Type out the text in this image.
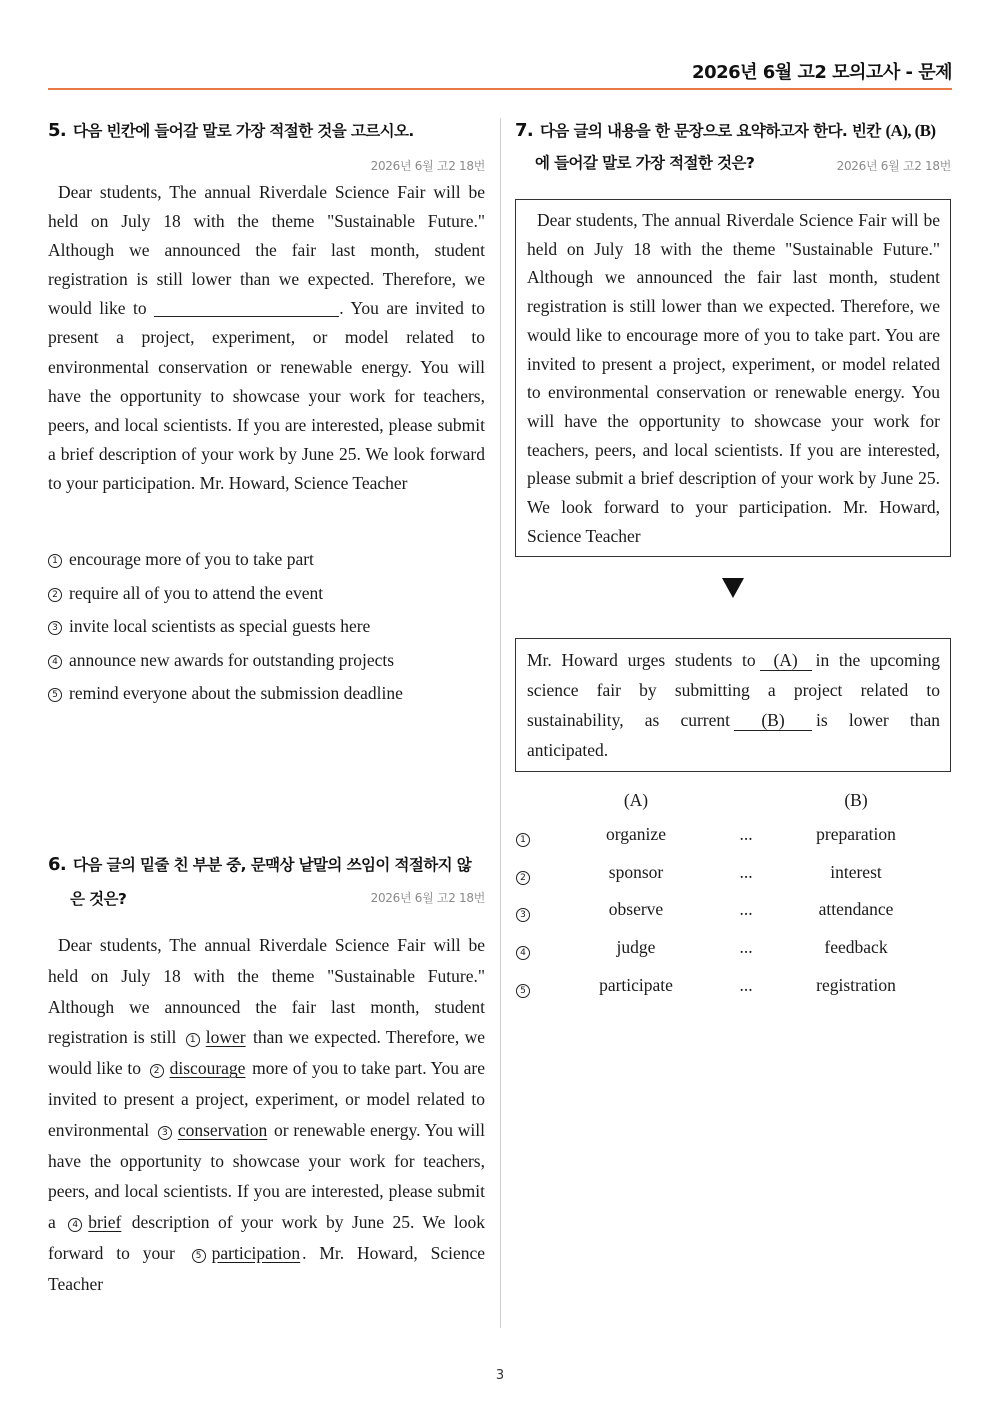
2026년 6월 고2 모의고사 - 문제
5. 다음 빈칸에 들어갈 말로 가장 적절한 것을 고르시오.
2026년 6월 고2 18번
Dear students, The annual Riverdale Science Fair will be held on July 18 with the theme "Sustainable Future." Although we announced the fair last month, student registration is still lower than we expected. Therefore, we would like to	. You are invited to present a project, experiment, or model related to environmental conservation or renewable energy. You will have the opportunity to showcase your work for teachers, peers, and local scientists. If you are interested, please submit a brief description of your work by June 25. We look forward to your participation. Mr. Howard, Science Teacher
1 encourage more of you to take part
2 require all of you to attend the event
3 invite local scientists as special guests here
4 announce new awards for outstanding projects
5 remind everyone about the submission deadline
6. 다음 글의 밑줄 친 부분 중, 문맥상 낱말의 쓰임이 적절하지 않
은 것은?	2026년 6월 고2 18번
Dear students, The annual Riverdale Science Fair will be held on July 18 with the theme "Sustainable Future." Although we announced the fair last month, student registration is still 1 lower than we expected. Therefore, we would like to 2 discourage more of you to take part. You are invited to present a project, experiment, or model related to environmental 3 conservation or renewable energy. You will have the opportunity to showcase your work for teachers, peers, and local scientists. If you are interested, please submit a 4 brief description of your work by June 25. We look forward to your 5 participation . Mr. Howard, Science Teacher
7. 다음 글의 내용을 한 문장으로 요약하고자 한다. 빈칸 (A), (B)
에 들어갈 말로 가장 적절한 것은?	2026년 6월 고2 18번
Dear students, The annual Riverdale Science Fair will be held on July 18 with the theme "Sustainable Future." Although we announced the fair last month, student registration is still lower than we expected. Therefore, we would like to encourage more of you to take part. You are invited to present a project, experiment, or model related to environmental conservation or renewable energy. You will have the opportunity to showcase your work for teachers, peers, and local scientists. If you are interested, please submit a brief description of your work by June 25. We look forward to your participation. Mr. Howard, Science Teacher
Mr. Howard urges students to (A) in the upcoming science fair by submitting a project related to sustainability, as current (B) is lower than anticipated.
(A)	(B)
1	organize	...	preparation
2	sponsor	...	interest
3	observe	...	attendance
4	judge	...	feedback
5	participate	...	registration
3
